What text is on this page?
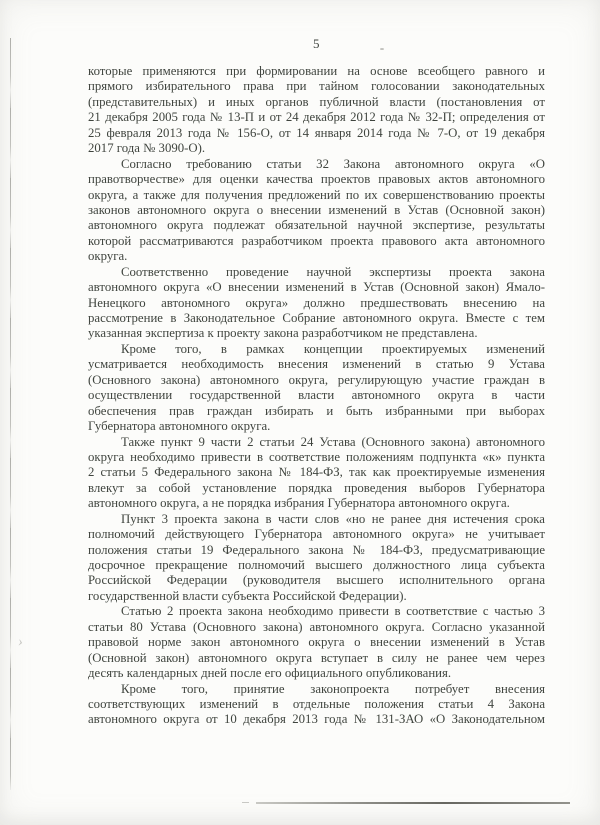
5
›
которые применяются при формировании на основе всеобщего равного и
прямого избирательного права при тайном голосовании законодательных
(представительных) и иных органов публичной власти (постановления от
21 декабря 2005 года № 13-П и от 24 декабря 2012 года № 32-П; определения от
25 февраля 2013 года № 156-О, от 14 января 2014 года № 7-О, от 19 декабря
2017 года № 3090-О).
Согласно требованию статьи 32 Закона автономного округа «О
правотворчестве» для оценки качества проектов правовых актов автономного
округа, а также для получения предложений по их совершенствованию проекты
законов автономного округа о внесении изменений в Устав (Основной закон)
автономного округа подлежат обязательной научной экспертизе, результаты
которой рассматриваются разработчиком проекта правового акта автономного
округа.
Соответственно проведение научной экспертизы проекта закона
автономного округа «О внесении изменений в Устав (Основной закон) Ямало-
Ненецкого автономного округа» должно предшествовать внесению на
рассмотрение в Законодательное Собрание автономного округа. Вместе с тем
указанная экспертиза к проекту закона разработчиком не представлена.
Кроме того, в рамках концепции проектируемых изменений
усматривается необходимость внесения изменений в статью 9 Устава
(Основного закона) автономного округа, регулирующую участие граждан в
осуществлении государственной власти автономного округа в части
обеспечения прав граждан избирать и быть избранными при выборах
Губернатора автономного округа.
Также пункт 9 части 2 статьи 24 Устава (Основного закона) автономного
округа необходимо привести в соответствие положениям подпункта «к» пункта
2 статьи 5 Федерального закона № 184-ФЗ, так как проектируемые изменения
влекут за собой установление порядка проведения выборов Губернатора
автономного округа, а не порядка избрания Губернатора автономного округа.
Пункт 3 проекта закона в части слов «но не ранее дня истечения срока
полномочий действующего Губернатора автономного округа» не учитывает
положения статьи 19 Федерального закона № 184-ФЗ, предусматривающие
досрочное прекращение полномочий высшего должностного лица субъекта
Российской Федерации (руководителя высшего исполнительного органа
государственной власти субъекта Российской Федерации).
Статью 2 проекта закона необходимо привести в соответствие с частью 3
статьи 80 Устава (Основного закона) автономного округа. Согласно указанной
правовой норме закон автономного округа о внесении изменений в Устав
(Основной закон) автономного округа вступает в силу не ранее чем через
десять календарных дней после его официального опубликования.
Кроме того, принятие законопроекта потребует внесения
соответствующих изменений в отдельные положения статьи 4 Закона
автономного округа от 10 декабря 2013 года № 131-ЗАО «О Законодательном
